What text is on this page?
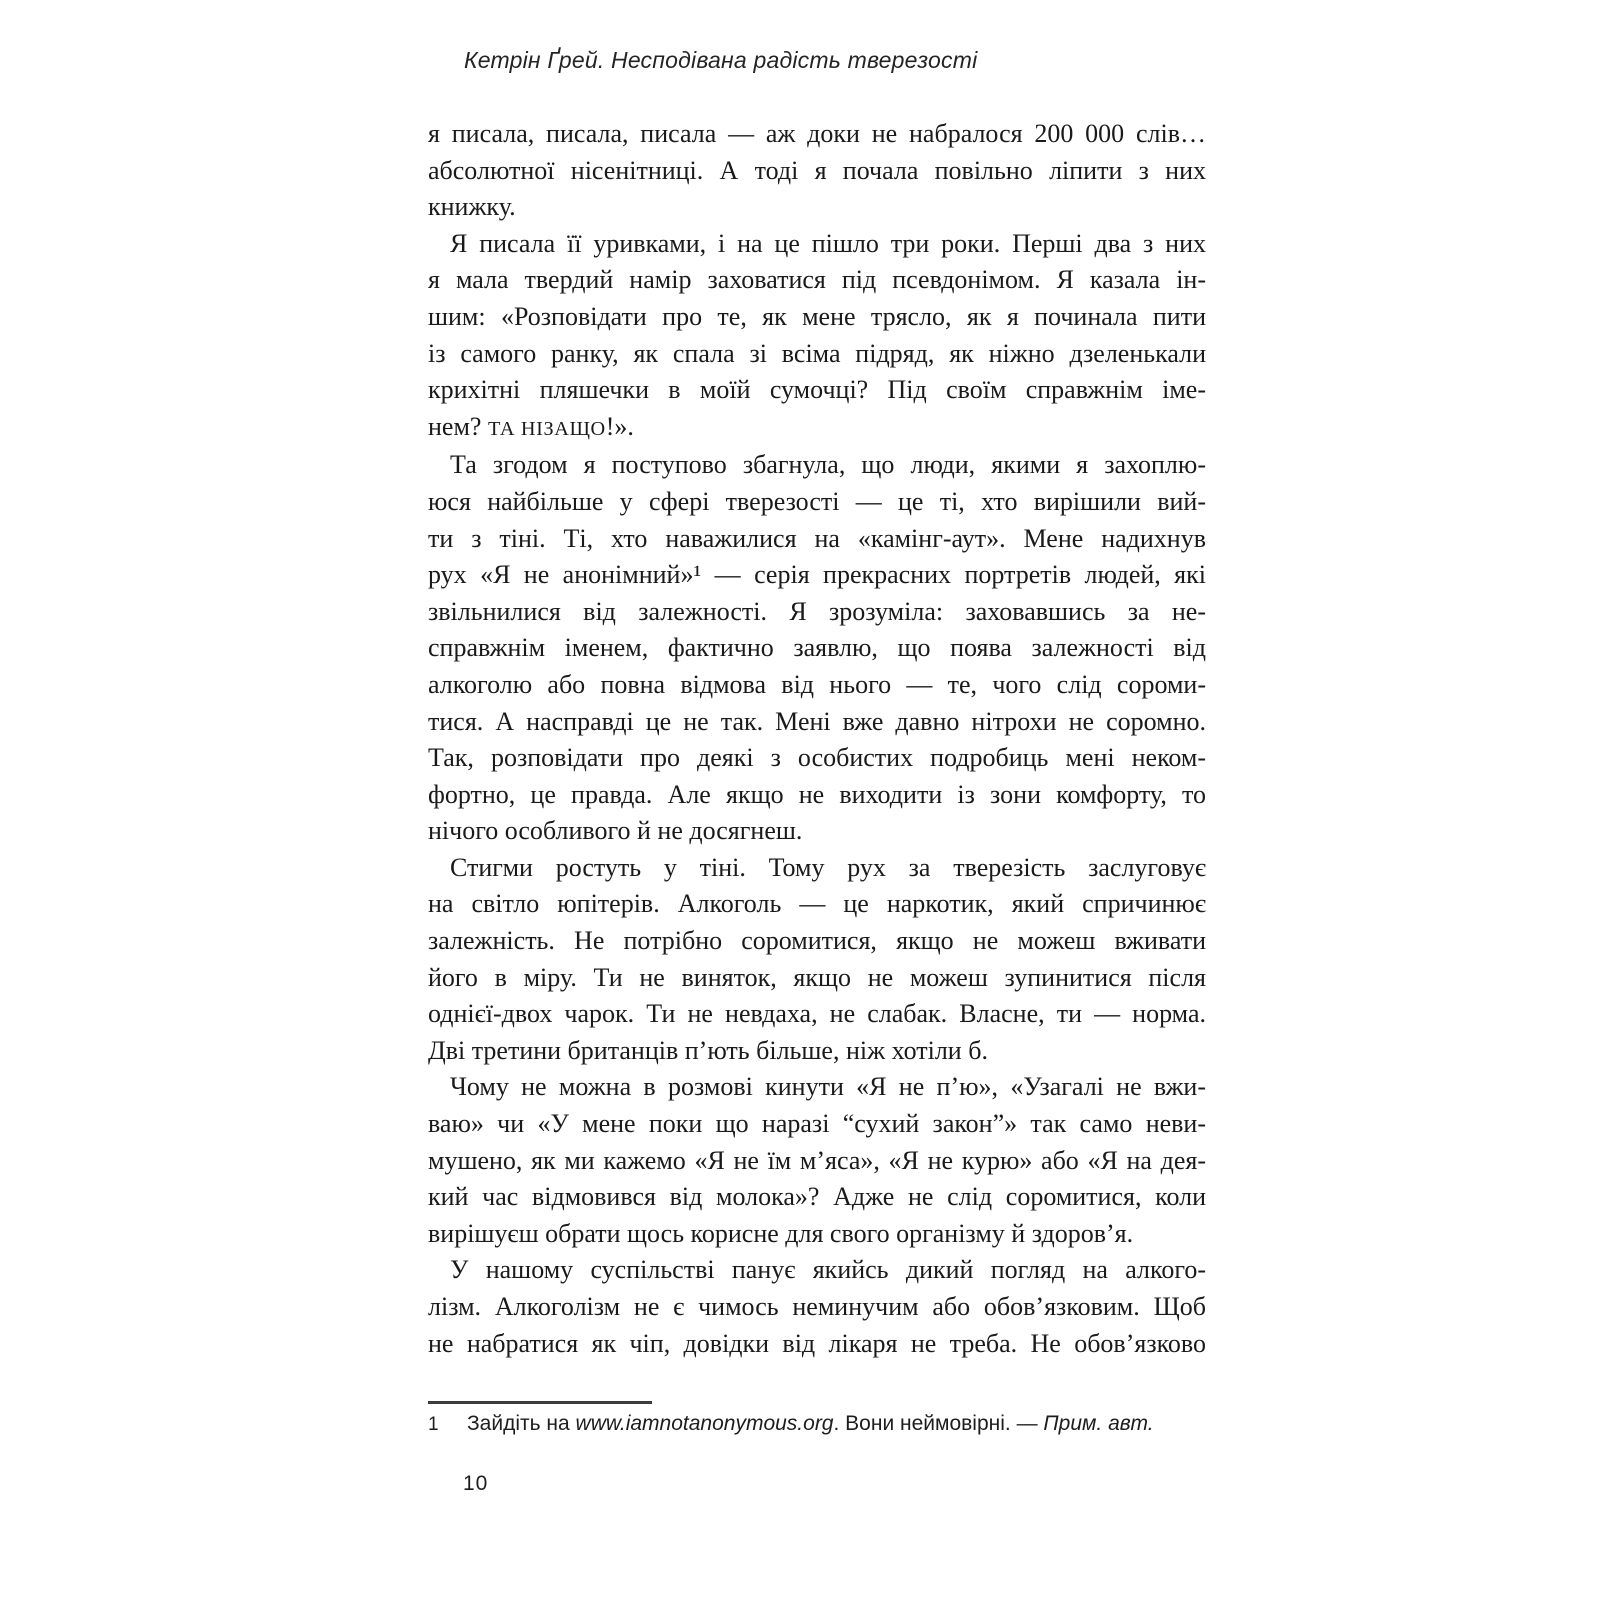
Кетрін Ґрей. Несподівана радість тверезості
я писала, писала, писала — аж доки не набралося 200 000 слів…
абсолютної нісенітниці. А тоді я почала повільно ліпити з них
книжку.
Я писала її уривками, і на це пішло три роки. Перші два з них
я мала твердий намір заховатися під псевдонімом. Я казала ін-
шим: «Розповідати про те, як мене трясло, як я починала пити
із самого ранку, як спала зі всіма підряд, як ніжно дзеленькали
крихітні пляшечки в моїй сумочці? Під своїм справжнім іме-
нем? ТА НІЗАЩО!».
Та згодом я поступово збагнула, що люди, якими я захоплю-
юся найбільше у сфері тверезості — це ті, хто вирішили вий-
ти з тіні. Ті, хто наважилися на «камінг-аут». Мене надихнув
рух «Я не анонімний»¹ — серія прекрасних портретів людей, які
звільнилися від залежності. Я зрозуміла: заховавшись за не-
справжнім іменем, фактично заявлю, що поява залежності від
алкоголю або повна відмова від нього — те, чого слід сороми-
тися. А насправді це не так. Мені вже давно нітрохи не соромно.
Так, розповідати про деякі з особистих подробиць мені неком-
фортно, це правда. Але якщо не виходити із зони комфорту, то
нічого особливого й не досягнеш.
Стигми ростуть у тіні. Тому рух за тверезість заслуговує
на світло юпітерів. Алкоголь — це наркотик, який спричинює
залежність. Не потрібно соромитися, якщо не можеш вживати
його в міру. Ти не виняток, якщо не можеш зупинитися після
однієї-двох чарок. Ти не невдаха, не слабак. Власне, ти — норма.
Дві третини британців п’ють більше, ніж хотіли б.
Чому не можна в розмові кинути «Я не п’ю», «Узагалі не вжи-
ваю» чи «У мене поки що наразі “сухий закон”» так само неви-
мушено, як ми кажемо «Я не їм м’яса», «Я не курю» або «Я на дея-
кий час відмовився від молока»? Адже не слід соромитися, коли
вирішуєш обрати щось корисне для свого організму й здоров’я.
У нашому суспільстві панує якийсь дикий погляд на алкого-
лізм. Алкоголізм не є чимось неминучим або обов’язковим. Щоб
не набратися як чіп, довідки від лікаря не треба. Не обов’язково
1 Зайдіть на www.iamnotanonymous.org. Вони неймовірні. — Прим. авт.
10
